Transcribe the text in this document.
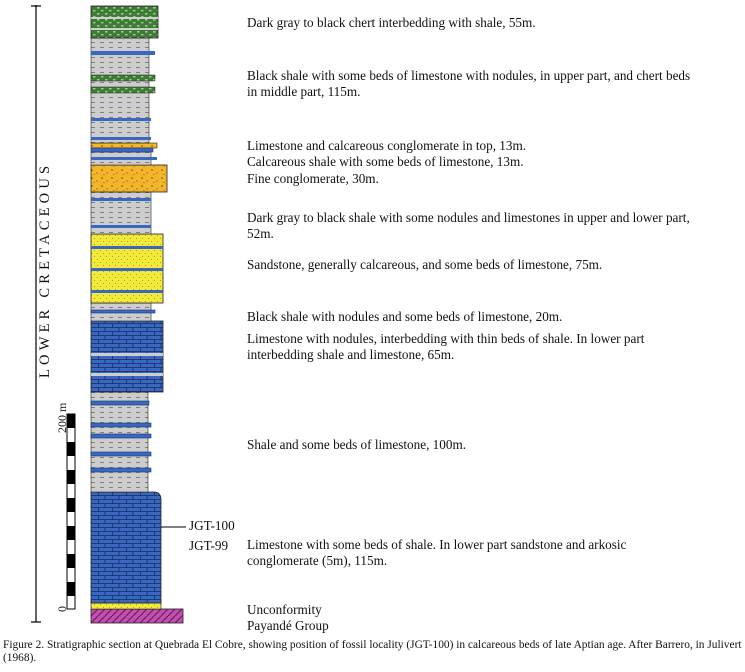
LOWER CRETACEOUS
200 m
0
JGT-100
JGT-99
Dark gray to black chert interbedding with shale, 55m.
Black shale with some beds of limestone with nodules, in upper part, and chert beds
in middle part, 115m.
Limestone and calcareous conglomerate in top, 13m.
Calcareous shale with some beds of limestone, 13m.
Fine conglomerate, 30m.
Dark gray to black shale with some nodules and limestones in upper and lower part,
52m.
Sandstone, generally calcareous, and some beds of limestone, 75m.
Black shale with nodules and some beds of limestone, 20m.
Limestone with nodules, interbedding with thin beds of shale. In lower part
interbedding shale and limestone, 65m.
Shale and some beds of limestone, 100m.
Limestone with some beds of shale. In lower part sandstone and arkosic
conglomerate (5m), 115m.
Unconformity
Payandé Group
Figure 2. Stratigraphic section at Quebrada El Cobre, showing position of fossil locality (JGT-100) in calcareous beds of late Aptian age. After Barrero, in Julivert (1968).
